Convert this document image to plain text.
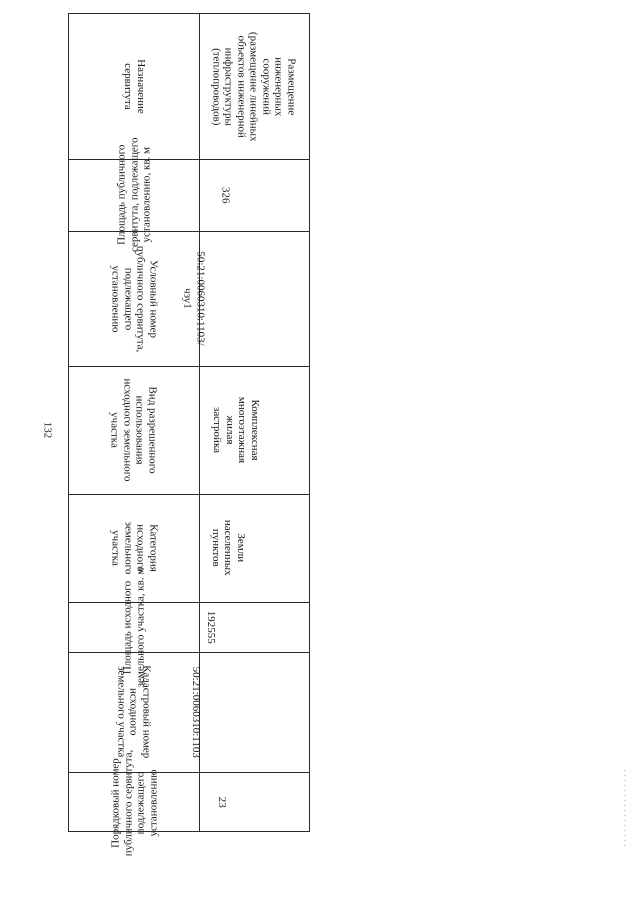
132
Назначение
сервитута
Площадь публичного
сервитута, подлежащего
установлению, кв. м
Условный номер
публичного сервитута,
подлежащего
установлению
Вид разрешенного
использования
исходного земельного
участка
Категория
исходного
земельного
участка
Площадь исходного
земельного участка, кв. м
Кадастровый номер
исходного
земельного участка
Порядковый номер
публичного сервитута,
подлежащего
установлению
Размещение
инженерных
сооружений
(размещение линейных
объектов инженерной
инфраструктуры
(теплопроводов)
326
50:21:0060310:1103/чзу1
Комплексная
многоэтажная жилая
застройка
Земли населенных
пунктов
192555
50:21:0060310:1103
23
